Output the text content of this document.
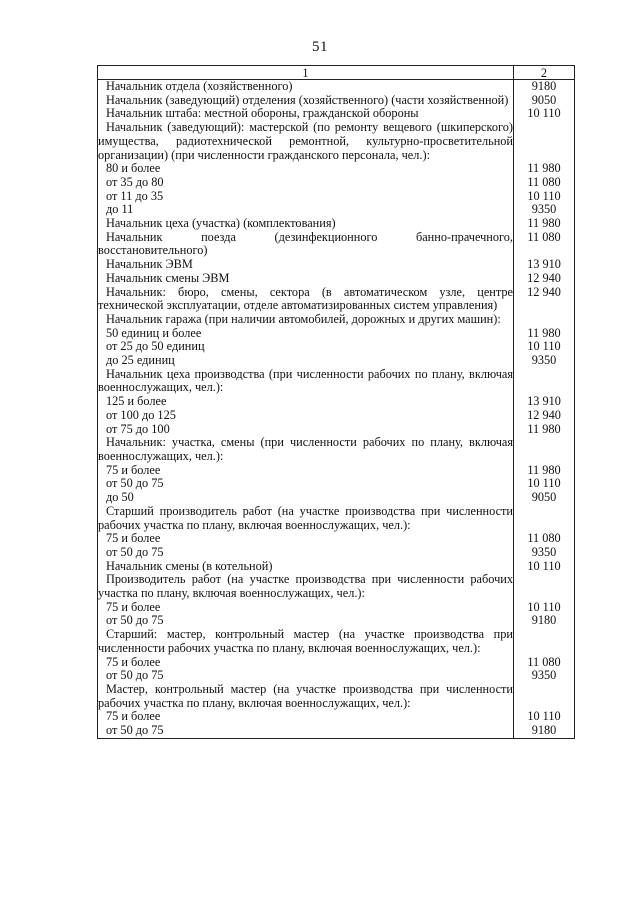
51
1	2

Начальник отдела (хозяйственного)	9180

Начальник (заведующий) отделения (хозяйственного) (части хозяйственной)	9050

Начальник штаба: местной обороны, гражданской обороны	10 110

Начальник (заведующий): мастерской (по ремонту вещевого (шкиперского) имущества, радиотехнической ремонтной, культурно-просветительной организации) (при численности гражданского персонала, чел.):	

80 и более	11 980

от 35 до 80	11 080

от 11 до 35	10 110

до 11	9350

Начальник цеха (участка) (комплектования)	11 980

Начальник поезда (дезинфекционного банно-прачечного, восстановительного)	11 080

Начальник ЭВМ	13 910

Начальник смены ЭВМ	12 940

Начальник: бюро, смены, сектора (в автоматическом узле, центре технической эксплуатации, отделе автоматизированных систем управления)	12 940

Начальник гаража (при наличии автомобилей, дорожных и других машин):	

50 единиц и более	11 980

от 25 до 50 единиц	10 110

до 25 единиц	9350

Начальник цеха производства (при численности рабочих по плану, включая военнослужащих, чел.):	

125 и более	13 910

от 100 до 125	12 940

от 75 до 100	11 980

Начальник: участка, смены (при численности рабочих по плану, включая военнослужащих, чел.):	

75 и более	11 980

от 50 до 75	10 110

до 50	9050

Старший производитель работ (на участке производства при численности рабочих участка по плану, включая военнослужащих, чел.):	

75 и более	11 080

от 50 до 75	9350

Начальник смены (в котельной)	10 110

Производитель работ (на участке производства при численности рабочих участка по плану, включая военнослужащих, чел.):	

75 и более	10 110

от 50 до 75	9180

Старший: мастер, контрольный мастер (на участке производства при численности рабочих участка по плану, включая военнослужащих, чел.):	

75 и более	11 080

от 50 до 75	9350

Мастер, контрольный мастер (на участке производства при численности рабочих участка по плану, включая военнослужащих, чел.):	

75 и более	10 110

от 50 до 75	9180
